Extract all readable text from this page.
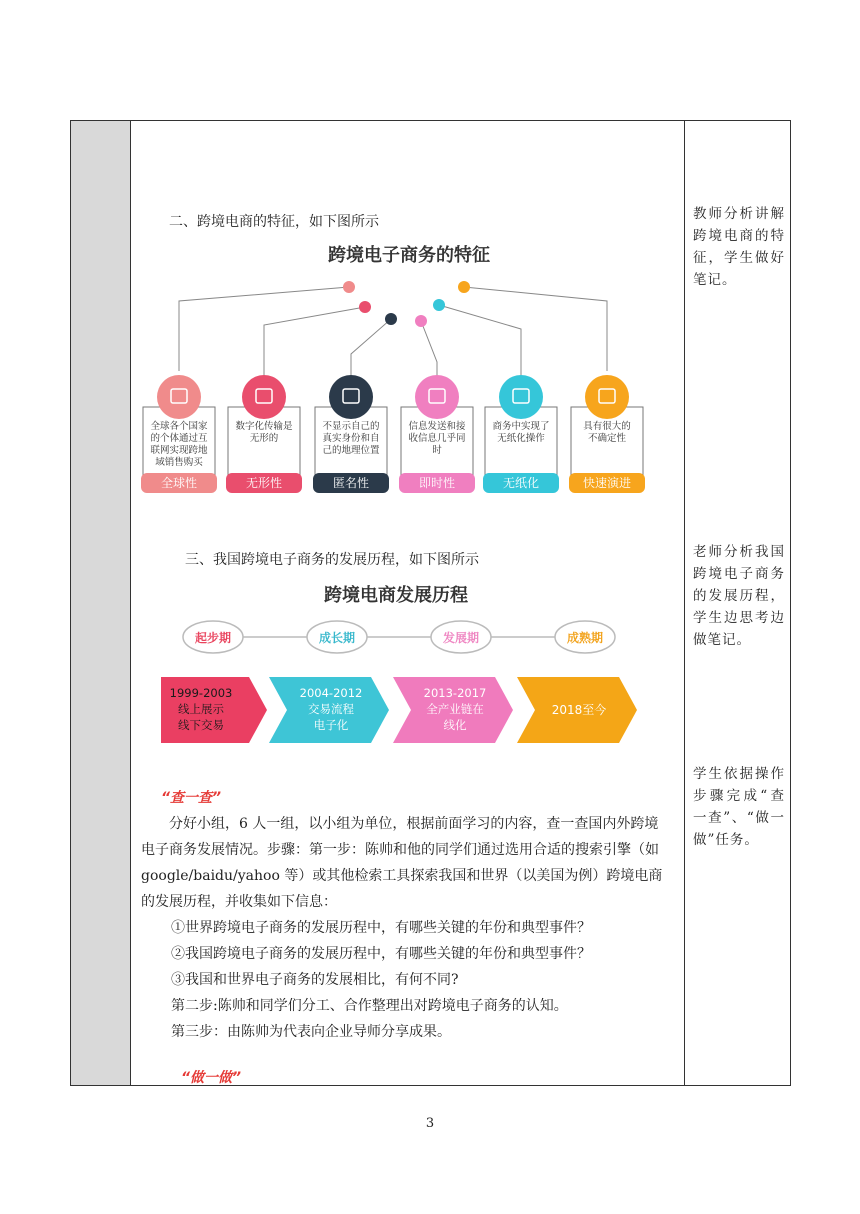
二、跨境电商的特征，如下图所示
跨境电子商务的特征
全球各个国家
的个体通过互
联网实现跨地
域销售购买
全球性
数字化传输是
无形的
无形性
不显示自己的
真实身份和自
己的地理位置
匿名性
信息发送和接
收信息几乎同
时
即时性
商务中实现了
无纸化操作
无纸化
具有很大的
不确定性
快速演进
三、我国跨境电子商务的发展历程，如下图所示
跨境电商发展历程
起步期
1999-2003
线上展示
线下交易
成长期
2004-2012
交易流程
电子化
发展期
2013-2017
全产业链在
线化
成熟期
2018至今
“查一查”

分好小组，6 人一组，以小组为单位，根据前面学习的内容，查一查国内外跨境电子商务发展情况。步骤：第一步：陈帅和他的同学们通过选用合适的搜索引擎（如 google/baidu/yahoo 等）或其他检索工具探索我国和世界（以美国为例）跨境电商的发展历程，并收集如下信息：

①世界跨境电子商务的发展历程中，有哪些关键的年份和典型事件？

②我国跨境电子商务的发展历程中，有哪些关键的年份和典型事件？

③我国和世界电子商务的发展相比，有何不同?

第二步:陈帅和同学们分工、合作整理出对跨境电子商务的认知。

第三步：由陈帅为代表向企业导师分享成果。

“做一做”
教师分析讲解跨境电商的特征，学生做好笔记。
老师分析我国跨境电子商务的发展历程，学生边思考边做笔记。
学生依据操作步骤完成“查一查”、“做一做”任务。
3
